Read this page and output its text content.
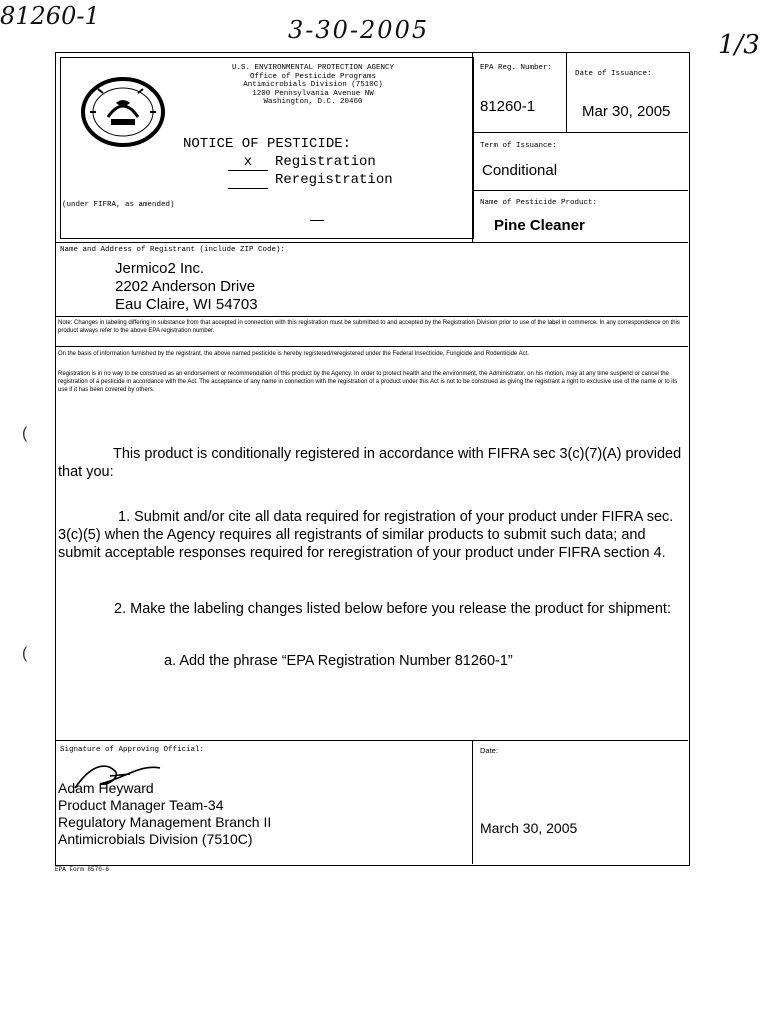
81260-1	3-30-2005	1/3
U.S. ENVIRONMENTAL PROTECTION AGENCY
Office of Pesticide Programs
Antimicrobials Division (7510C)
1200 Pennsylvania Avenue NW
Washington, D.C. 20460
NOTICE OF PESTICIDE:
x	Registration
Reregistration
(under FIFRA, as amended)
EPA Reg. Number:
81260-1
Date of Issuance:
Mar 30, 2005
Term of Issuance:
Conditional
Name of Pesticide Product:
Pine Cleaner
Name and Address of Registrant (include ZIP Code):
Jermico2 Inc.
2202 Anderson Drive
Eau Claire, WI 54703
Note: Changes in labeling differing in substance from that accepted in connection with this registration must be submitted to and accepted by the Registration Division prior to use of the label in commerce. In any correspondence on this product always refer to the above EPA registration number.
On the basis of information furnished by the registrant, the above named pesticide is hereby registered/reregistered under the Federal Insecticide, Fungicide and Rodenticide Act.
Registration is in no way to be construed as an endorsement or recommendation of this product by the Agency. In order to protect health and the environment, the Administrator, on his motion, may at any time suspend or cancel the registration of a pesticide in accordance with the Act. The acceptance of any name in connection with the registration of a product under this Act is not to be construed as giving the registrant a right to exclusive use of the name or to its use if it has been covered by others.
This product is conditionally registered in accordance with FIFRA sec 3(c)(7)(A) provided that you:
1. Submit and/or cite all data required for registration of your product under FIFRA sec. 3(c)(5) when the Agency requires all registrants of similar products to submit such data; and submit acceptable responses required for reregistration of your product under FIFRA section 4.
2. Make the labeling changes listed below before you release the product for shipment:
a. Add the phrase “EPA Registration Number 81260-1”
Signature of Approving Official:
Adam Heyward
Product Manager Team-34
Regulatory Management Branch II
Antimicrobials Division (7510C)
Date:
March 30, 2005
EPA Form 8570-6
(
(
